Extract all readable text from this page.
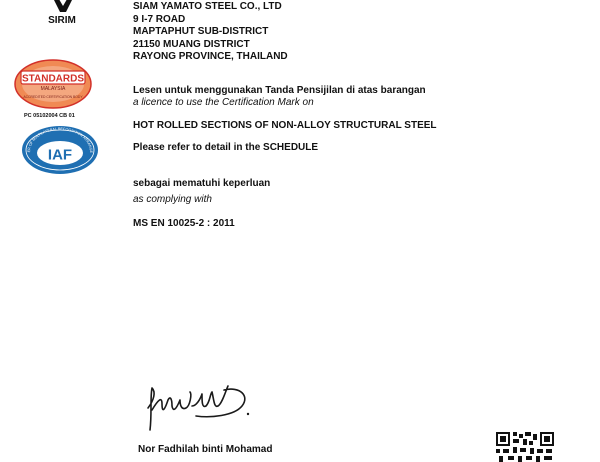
SIRIM
STANDARDS
MALAYSIA
ACCREDITED CERTIFICATION BODY
PC 05102004 CB 01
ER OF MULTILATERAL RECOGNITION ARRANGE
IAF
SIAM YAMATO STEEL CO., LTD
9 I-7 ROAD
MAPTAPHUT SUB-DISTRICT
21150 MUANG DISTRICT
RAYONG PROVINCE, THAILAND
Lesen untuk menggunakan Tanda Pensijilan di atas barangan
a licence to use the Certification Mark on
HOT ROLLED SECTIONS OF NON-ALLOY STRUCTURAL STEEL
Please refer to detail in the SCHEDULE
sebagai mematuhi keperluan
as complying with
MS EN 10025-2 : 2011
Nor Fadhilah binti Mohamad
